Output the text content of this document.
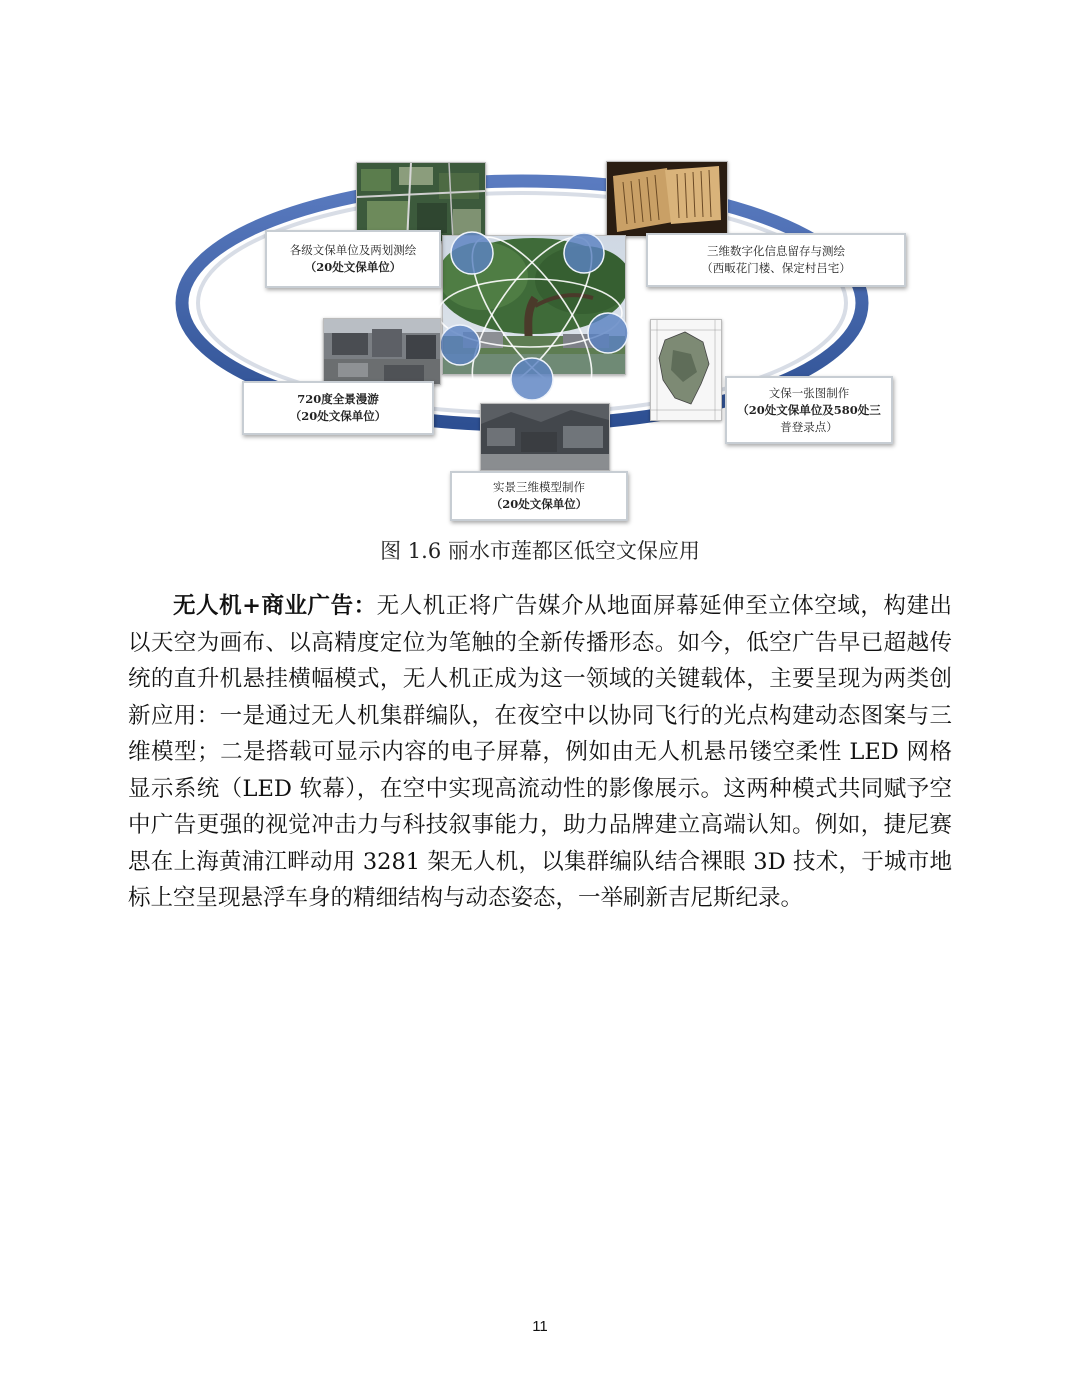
各级文保单位及两划测绘
（20处文保单位）
三维数字化信息留存与测绘
（西畈花门楼、保定村吕宅）
720度全景漫游
（20处文保单位）
文保一张图制作
（20处文保单位及580处三
普登录点）
实景三维模型制作
（20处文保单位）
图 1.6 丽水市莲都区低空文保应用

无人机+商业广告：无人机正将广告媒介从地面屏幕延伸至立体空域，构建出以天空为画布、以高精度定位为笔触的全新传播形态。如今，低空广告早已超越传统的直升机悬挂横幅模式，无人机正成为这一领域的关键载体，主要呈现为两类创新应用：一是通过无人机集群编队，在夜空中以协同飞行的光点构建动态图案与三维模型；二是搭载可显示内容的电子屏幕，例如由无人机悬吊镂空柔性 LED 网格显示系统（LED 软幕），在空中实现高流动性的影像展示。这两种模式共同赋予空中广告更强的视觉冲击力与科技叙事能力，助力品牌建立高端认知。例如，捷尼赛思在上海黄浦江畔动用 3281 架无人机，以集群编队结合裸眼 3D 技术，于城市地标上空呈现悬浮车身的精细结构与动态姿态，一举刷新吉尼斯纪录。

11
